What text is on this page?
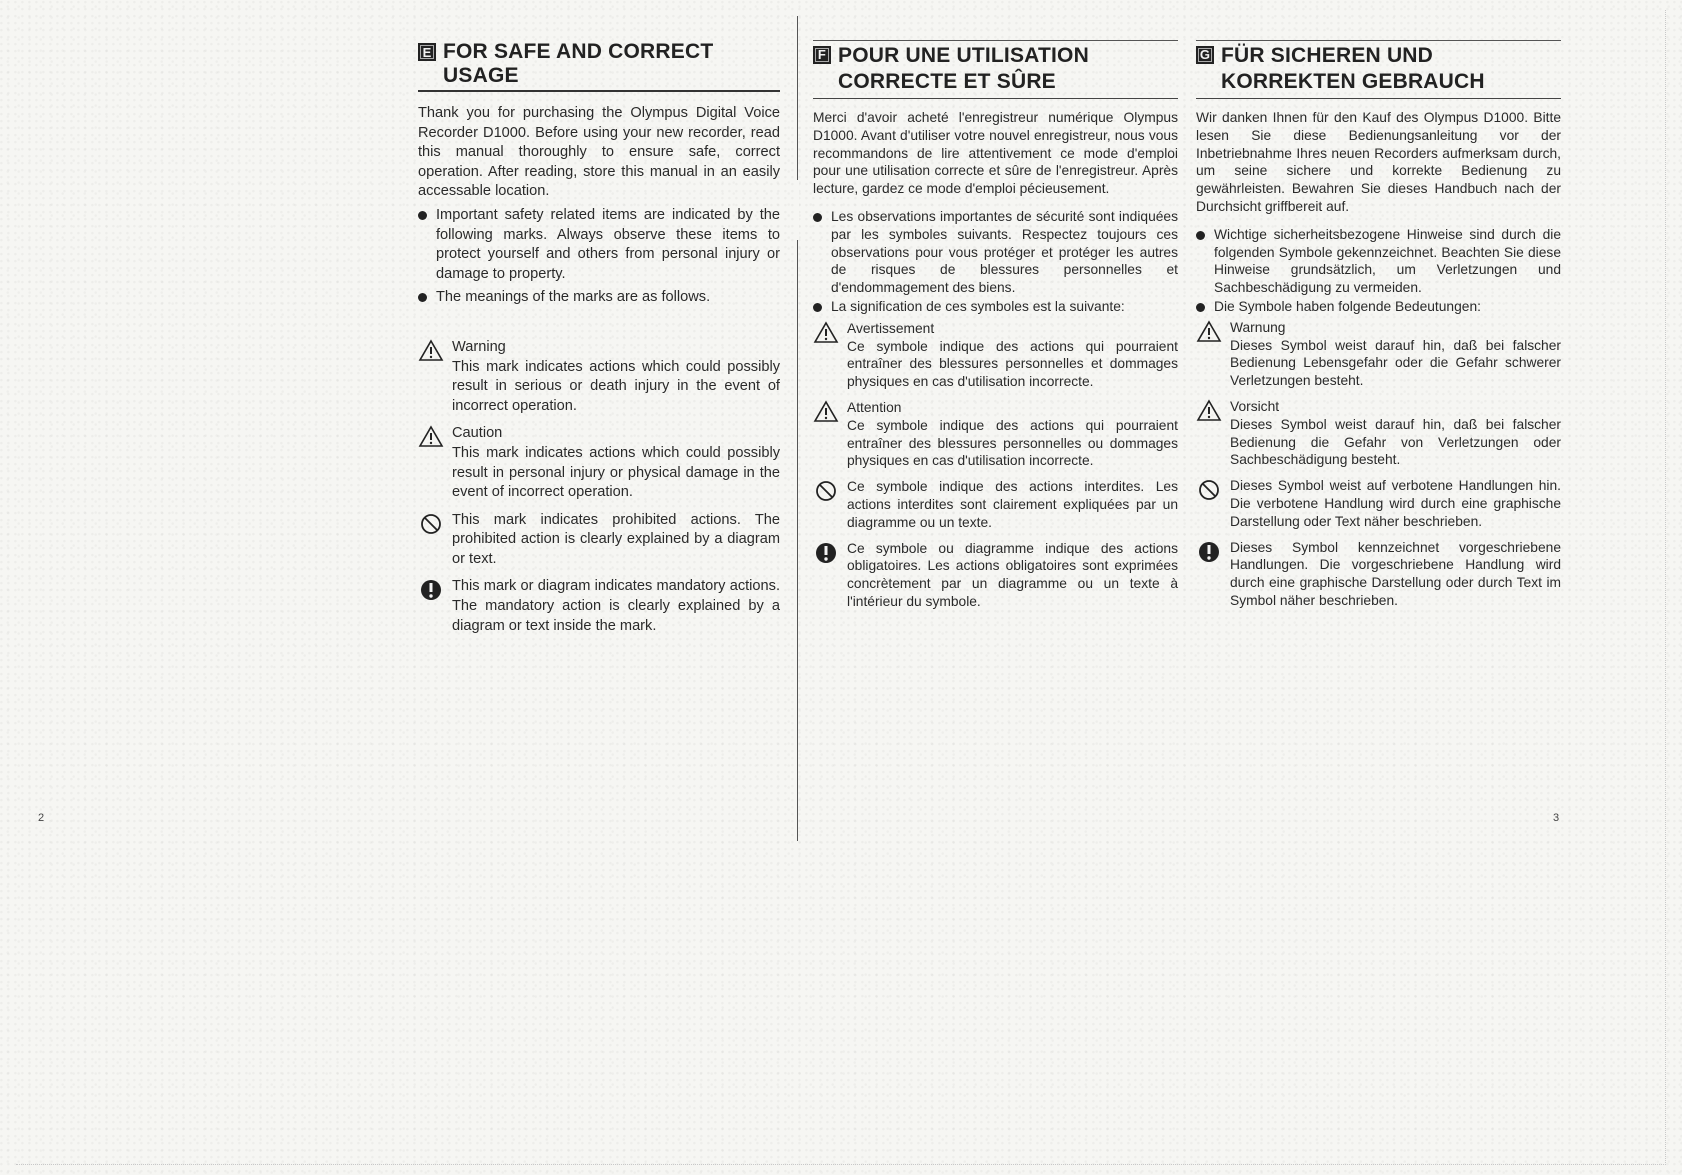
E FOR SAFE AND CORRECT USAGE

Thank you for purchasing the Olympus Digital Voice Recorder D1000. Before using your new recorder, read this manual thoroughly to ensure safe, correct operation. After reading, store this manual in an easily accessable location.

Important safety related items are indicated by the following marks. Always observe these items to protect yourself and others from personal injury or damage to property.
The meanings of the marks are as follows.
Warning
This mark indicates actions which could possibly result in serious or death injury in the event of incorrect operation.
Caution
This mark indicates actions which could possibly result in personal injury or physical damage in the event of incorrect operation.
This mark indicates prohibited actions. The prohibited action is clearly explained by a diagram or text.
This mark or diagram indicates mandatory actions. The mandatory action is clearly explained by a diagram or text inside the mark.
F POUR UNE UTILISATION
CORRECTE ET SÛRE

Merci d'avoir acheté l'enregistreur numérique Olympus D1000. Avant d'utiliser votre nouvel enregistreur, nous vous recommandons de lire attentivement ce mode d'emploi pour une utilisation correcte et sûre de l'enregistreur. Après lecture, gardez ce mode d'emploi pécieusement.

Les observations importantes de sécurité sont indiquées par les symboles suivants. Respectez toujours ces observations pour vous protéger et protéger les autres de risques de blessures personnelles et d'endommagement des biens.
La signification de ces symboles est la suivante:
Avertissement
Ce symbole indique des actions qui pourraient entraîner des blessures personnelles et dommages physiques en cas d'utilisation incorrecte.
Attention
Ce symbole indique des actions qui pourraient entraîner des blessures personnelles ou dommages physiques en cas d'utilisation incorrecte.
Ce symbole indique des actions interdites. Les actions interdites sont clairement expliquées par un diagramme ou un texte.
Ce symbole ou diagramme indique des actions obligatoires. Les actions obligatoires sont exprimées concrètement par un diagramme ou un texte à l'intérieur du symbole.
G FÜR SICHEREN UND
KORREKTEN GEBRAUCH

Wir danken Ihnen für den Kauf des Olympus D1000. Bitte lesen Sie diese Bedienungsanleitung vor der Inbetriebnahme Ihres neuen Recorders aufmerksam durch, um seine sichere und korrekte Bedienung zu gewährleisten. Bewahren Sie dieses Handbuch nach der Durchsicht griffbereit auf.

Wichtige sicherheitsbezogene Hinweise sind durch die folgenden Symbole gekennzeichnet. Beachten Sie diese Hinweise grundsätzlich, um Verletzungen und Sachbeschädigung zu vermeiden.
Die Symbole haben folgende Bedeutungen:
Warnung
Dieses Symbol weist darauf hin, daß bei falscher Bedienung Lebensgefahr oder die Gefahr schwerer Verletzungen besteht.
Vorsicht
Dieses Symbol weist darauf hin, daß bei falscher Bedienung die Gefahr von Verletzungen oder Sachbeschädigung besteht.
Dieses Symbol weist auf verbotene Handlungen hin. Die verbotene Handlung wird durch eine graphische Darstellung oder Text näher beschrieben.
Dieses Symbol kennzeichnet vorgeschriebene Handlungen. Die vorgeschriebene Handlung wird durch eine graphische Darstellung oder durch Text im Symbol näher beschrieben.
2	3
